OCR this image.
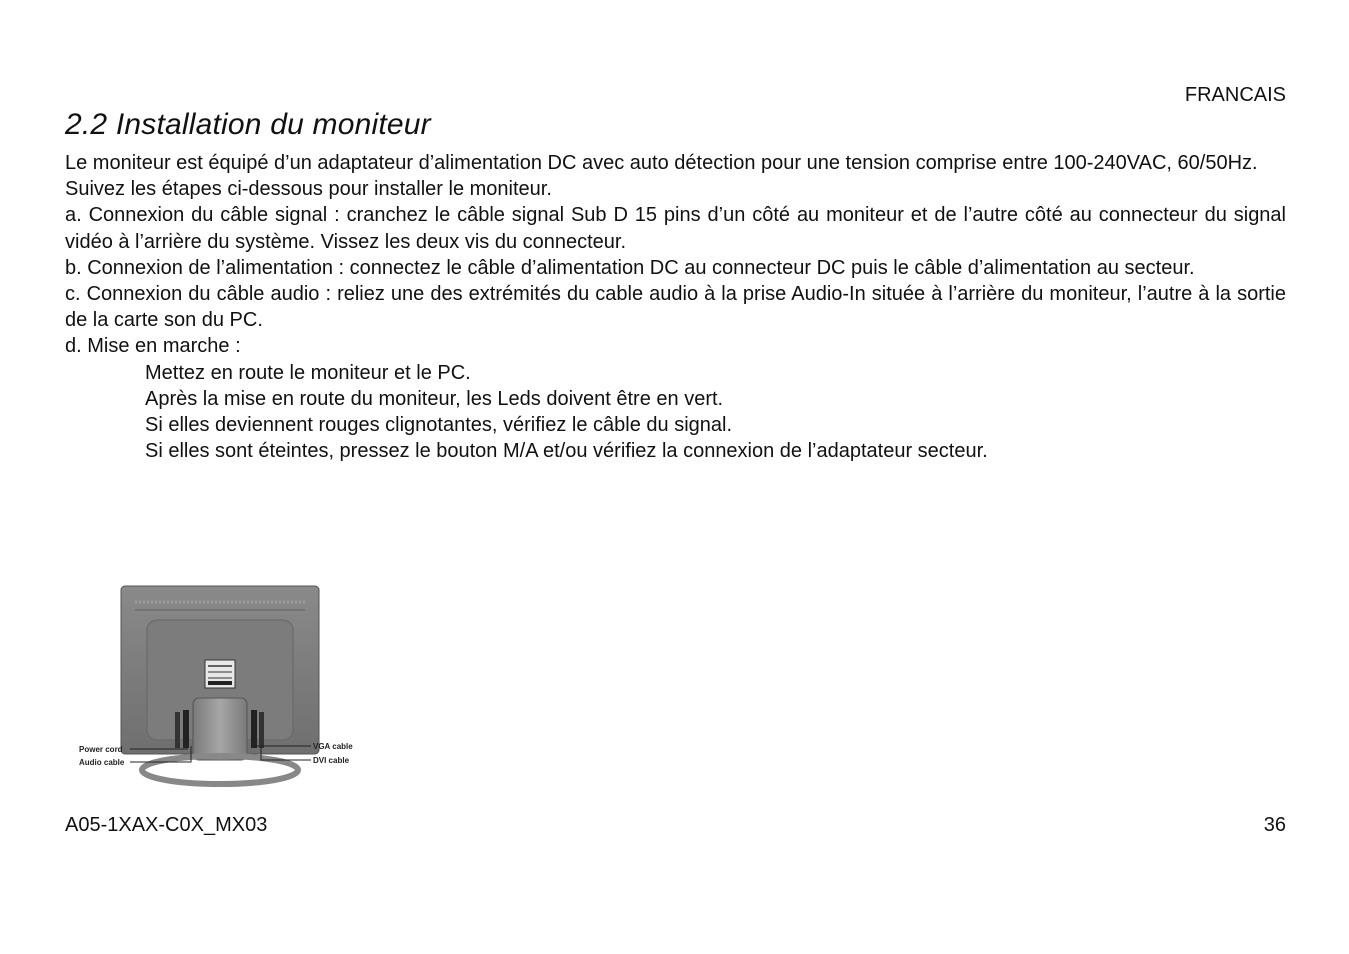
FRANCAIS
2.2 Installation du moniteur

Le moniteur est équipé d’un adaptateur d’alimentation DC avec auto détection pour une tension comprise entre 100-240VAC, 60/50Hz.

Suivez les étapes ci-dessous pour installer le moniteur.

a. Connexion du câble signal : cranchez le câble signal Sub D 15 pins d’un côté au moniteur et de l’autre côté au connecteur du signal vidéo à l’arrière du système. Vissez les deux vis du connecteur.

b. Connexion de l’alimentation : connectez le câble d’alimentation DC au connecteur DC puis le câble d’alimentation au secteur.

c. Connexion du câble audio : reliez une des extrémités du cable audio à la prise Audio-In située à l’arrière du moniteur, l’autre à la sortie de la carte son du PC.

d. Mise en marche :

Mettez en route le moniteur et le PC.

Après la mise en route du moniteur, les Leds doivent être en vert.

Si elles deviennent rouges clignotantes, vérifiez le câble du signal.

Si elles sont éteintes, pressez le bouton M/A et/ou vérifiez la connexion de l’adaptateur secteur.

Power cord
Audio cable
VGA cable
DVI cable
A05-1XAX-C0X_MX03	36
